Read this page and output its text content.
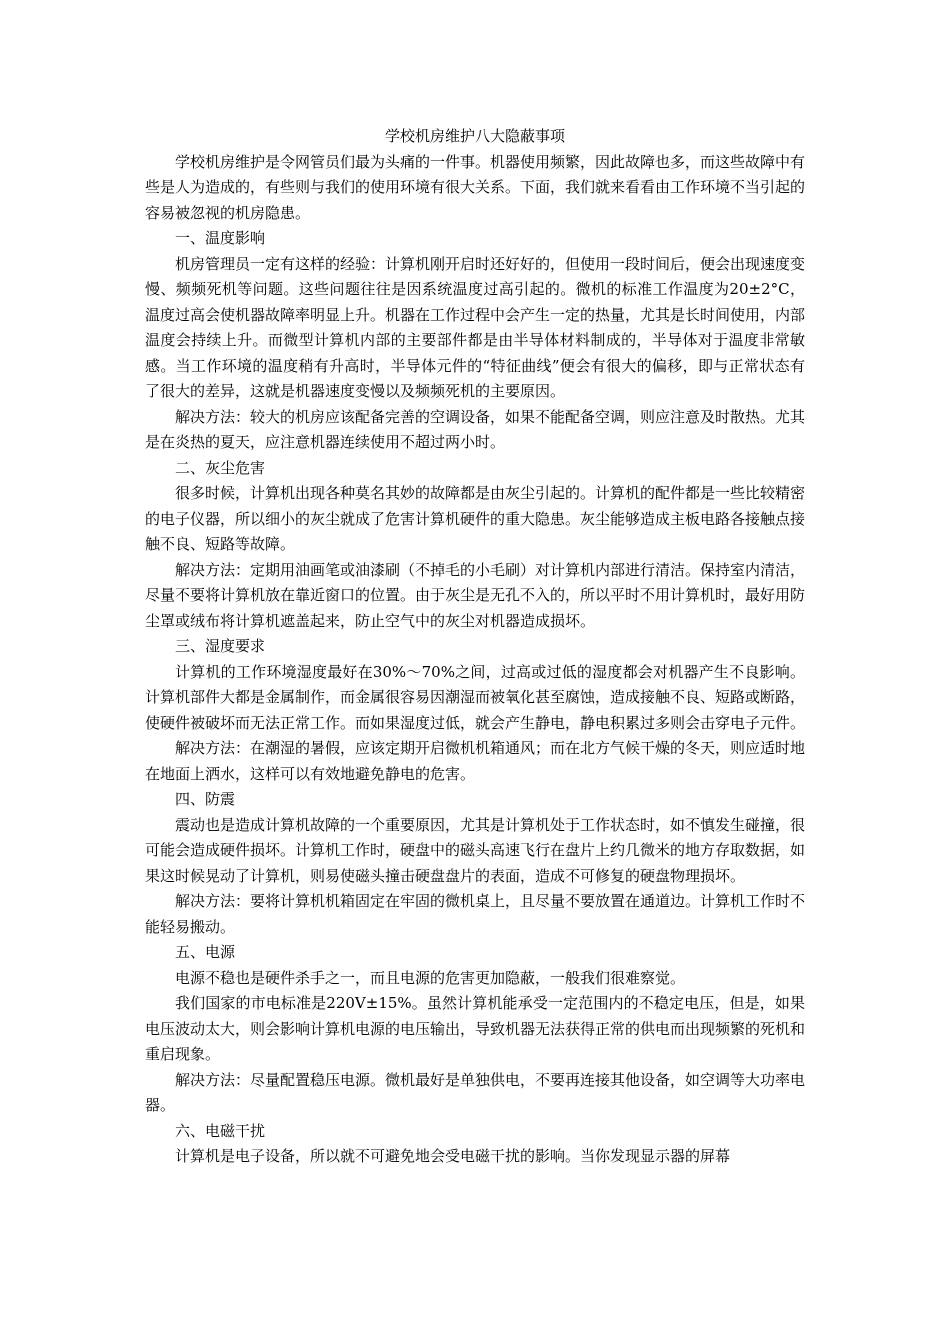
学校机房维护八大隐蔽事项

学校机房维护是令网管员们最为头痛的一件事。机器使用频繁，因此故障也多，而这些故障中有些是人为造成的，有些则与我们的使用环境有很大关系。下面，我们就来看看由工作环境不当引起的容易被忽视的机房隐患。

一、温度影响

机房管理员一定有这样的经验：计算机刚开启时还好好的，但使用一段时间后，便会出现速度变慢、频频死机等问题。这些问题往往是因系统温度过高引起的。微机的标准工作温度为20±2°C，温度过高会使机器故障率明显上升。机器在工作过程中会产生一定的热量，尤其是长时间使用，内部温度会持续上升。而微型计算机内部的主要部件都是由半导体材料制成的，半导体对于温度非常敏感。当工作环境的温度稍有升高时，半导体元件的“特征曲线”便会有很大的偏移，即与正常状态有了很大的差异，这就是机器速度变慢以及频频死机的主要原因。

解决方法：较大的机房应该配备完善的空调设备，如果不能配备空调，则应注意及时散热。尤其是在炎热的夏天，应注意机器连续使用不超过两小时。

二、灰尘危害

很多时候，计算机出现各种莫名其妙的故障都是由灰尘引起的。计算机的配件都是一些比较精密的电子仪器，所以细小的灰尘就成了危害计算机硬件的重大隐患。灰尘能够造成主板电路各接触点接触不良、短路等故障。

解决方法：定期用油画笔或油漆刷（不掉毛的小毛刷）对计算机内部进行清洁。保持室内清洁，尽量不要将计算机放在靠近窗口的位置。由于灰尘是无孔不入的，所以平时不用计算机时，最好用防尘罩或绒布将计算机遮盖起来，防止空气中的灰尘对机器造成损坏。

三、湿度要求

计算机的工作环境湿度最好在30%～70%之间，过高或过低的湿度都会对机器产生不良影响。计算机部件大都是金属制作，而金属很容易因潮湿而被氧化甚至腐蚀，造成接触不良、短路或断路，使硬件被破坏而无法正常工作。而如果湿度过低，就会产生静电，静电积累过多则会击穿电子元件。

解决方法：在潮湿的暑假，应该定期开启微机机箱通风；而在北方气候干燥的冬天，则应适时地在地面上洒水，这样可以有效地避免静电的危害。

四、防震

震动也是造成计算机故障的一个重要原因，尤其是计算机处于工作状态时，如不慎发生碰撞，很可能会造成硬件损坏。计算机工作时，硬盘中的磁头高速飞行在盘片上约几微米的地方存取数据，如果这时候晃动了计算机，则易使磁头撞击硬盘盘片的表面，造成不可修复的硬盘物理损坏。

解决方法：要将计算机机箱固定在牢固的微机桌上，且尽量不要放置在通道边。计算机工作时不能轻易搬动。

五、电源

电源不稳也是硬件杀手之一，而且电源的危害更加隐蔽，一般我们很难察觉。

我们国家的市电标准是220V±15%。虽然计算机能承受一定范围内的不稳定电压，但是，如果电压波动太大，则会影响计算机电源的电压输出，导致机器无法获得正常的供电而出现频繁的死机和重启现象。

解决方法：尽量配置稳压电源。微机最好是单独供电，不要再连接其他设备，如空调等大功率电器。

六、电磁干扰

计算机是电子设备，所以就不可避免地会受电磁干扰的影响。当你发现显示器的屏幕
